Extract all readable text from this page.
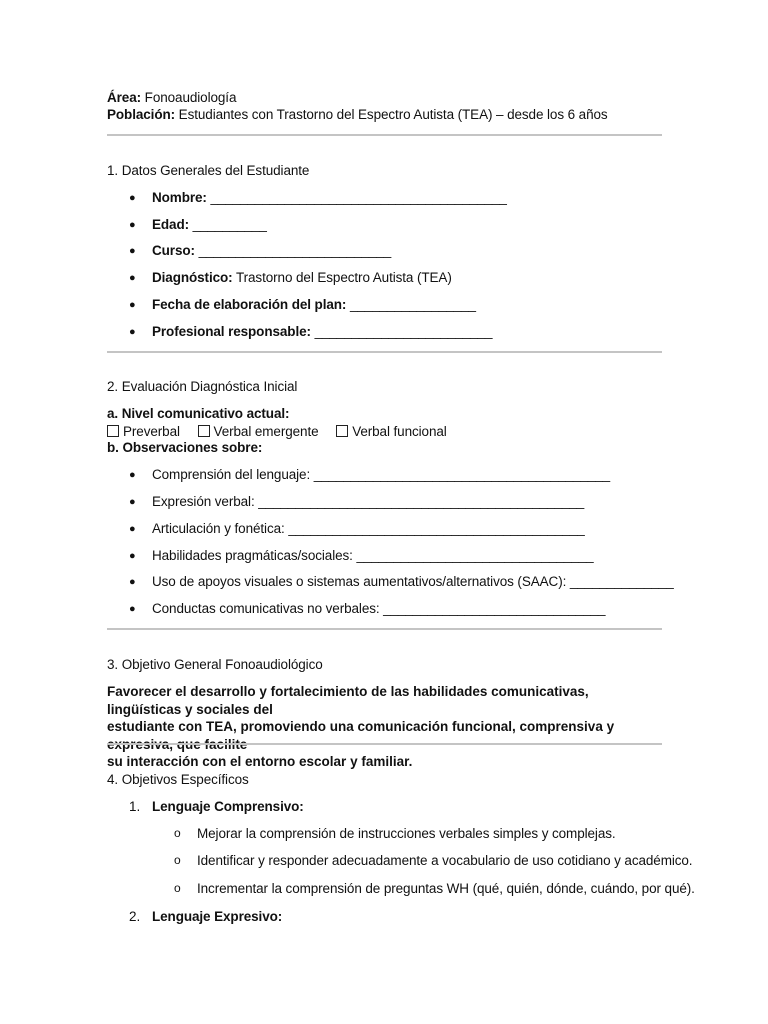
Área: Fonoaudiología
Población: Estudiantes con Trastorno del Espectro Autista (TEA) – desde los 6 años
1. Datos Generales del Estudiante
● Nombre: ________________________________________
● Edad: __________
● Curso: __________________________
● Diagnóstico: Trastorno del Espectro Autista (TEA)
● Fecha de elaboración del plan: _________________
● Profesional responsable: ________________________
2. Evaluación Diagnóstica Inicial
a. Nivel comunicativo actual:
Preverbal Verbal emergente Verbal funcional
b. Observaciones sobre:
● Comprensión del lenguaje: ________________________________________
● Expresión verbal: ____________________________________________
● Articulación y fonética: ________________________________________
● Habilidades pragmáticas/sociales: ________________________________
● Uso de apoyos visuales o sistemas aumentativos/alternativos (SAAC): ______________
● Conductas comunicativas no verbales: ______________________________
3. Objetivo General Fonoaudiológico
Favorecer el desarrollo y fortalecimiento de las habilidades comunicativas, lingüísticas y sociales del
estudiante con TEA, promoviendo una comunicación funcional, comprensiva y expresiva, que facilite
su interacción con el entorno escolar y familiar.
4. Objetivos Específicos
1. Lenguaje Comprensivo:
o Mejorar la comprensión de instrucciones verbales simples y complejas.
o Identificar y responder adecuadamente a vocabulario de uso cotidiano y académico.
o Incrementar la comprensión de preguntas WH (qué, quién, dónde, cuándo, por qué).
2. Lenguaje Expresivo:
